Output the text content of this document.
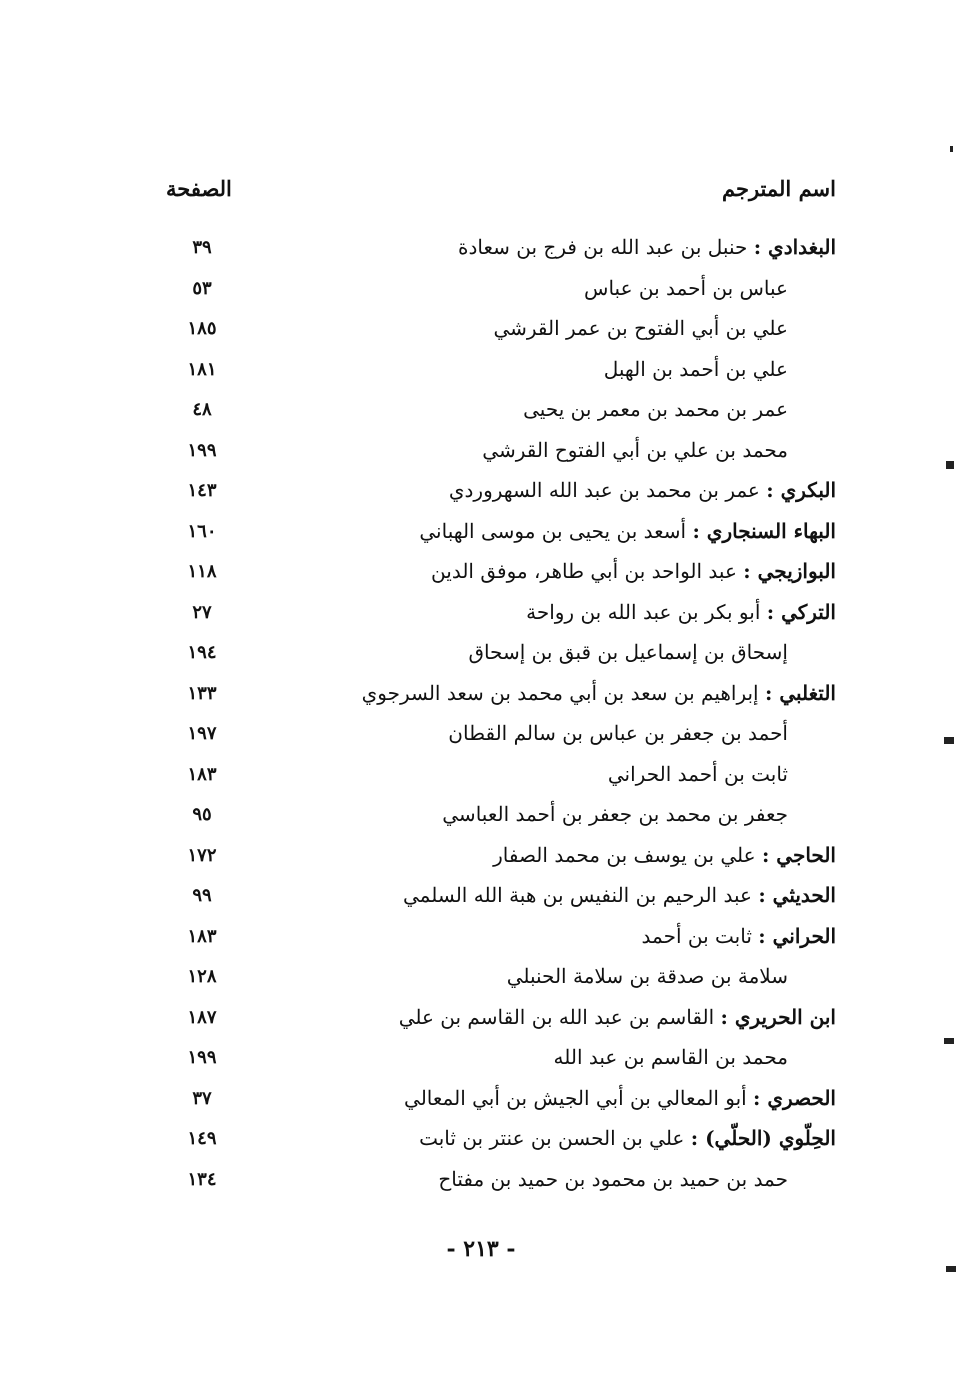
اسم المترجم
الصفحة
البغدادي : حنبل بن عبد الله بن فرج بن سعادة
٣٩
عباس بن أحمد بن عباس
٥٣
علي بن أبي الفتوح بن عمر القرشي
١٨٥
علي بن أحمد بن الهبل
١٨١
عمر بن محمد بن معمر بن يحيى
٤٨
محمد بن علي بن أبي الفتوح القرشي
١٩٩
البكري : عمر بن محمد بن عبد الله السهروردي
١٤٣
البهاء السنجاري : أسعد بن يحيى بن موسى الهباني
١٦٠
البوازيجي : عبد الواحد بن أبي طاهر، موفق الدين
١١٨
التركي : أبو بكر بن عبد الله بن رواحة
٢٧
إسحاق بن إسماعيل بن قبق بن إسحاق
١٩٤
التغلبي : إبراهيم بن سعد بن أبي محمد بن سعد السرجوي
١٣٣
أحمد بن جعفر بن عباس بن سالم القطان
١٩٧
ثابت بن أحمد الحراني
١٨٣
جعفر بن محمد بن جعفر بن أحمد العباسي
٩٥
الحاجي : علي بن يوسف بن محمد الصفار
١٧٢
الحديثي : عبد الرحيم بن النفيس بن هبة الله السلمي
٩٩
الحراني : ثابت بن أحمد
١٨٣
سلامة بن صدقة بن سلامة الحنبلي
١٢٨
ابن الحريري : القاسم بن عبد الله بن القاسم بن علي
١٨٧
محمد بن القاسم بن عبد الله
١٩٩
الحصري : أبو المعالي بن أبي الجيش بن أبي المعالي
٣٧
الحِلّوي (الحلّي) : علي بن الحسن بن عنتر بن ثابت
١٤٩
حمد بن حميد بن محمود بن حميد بن مفتاح
١٣٤
- ٢١٣ -
